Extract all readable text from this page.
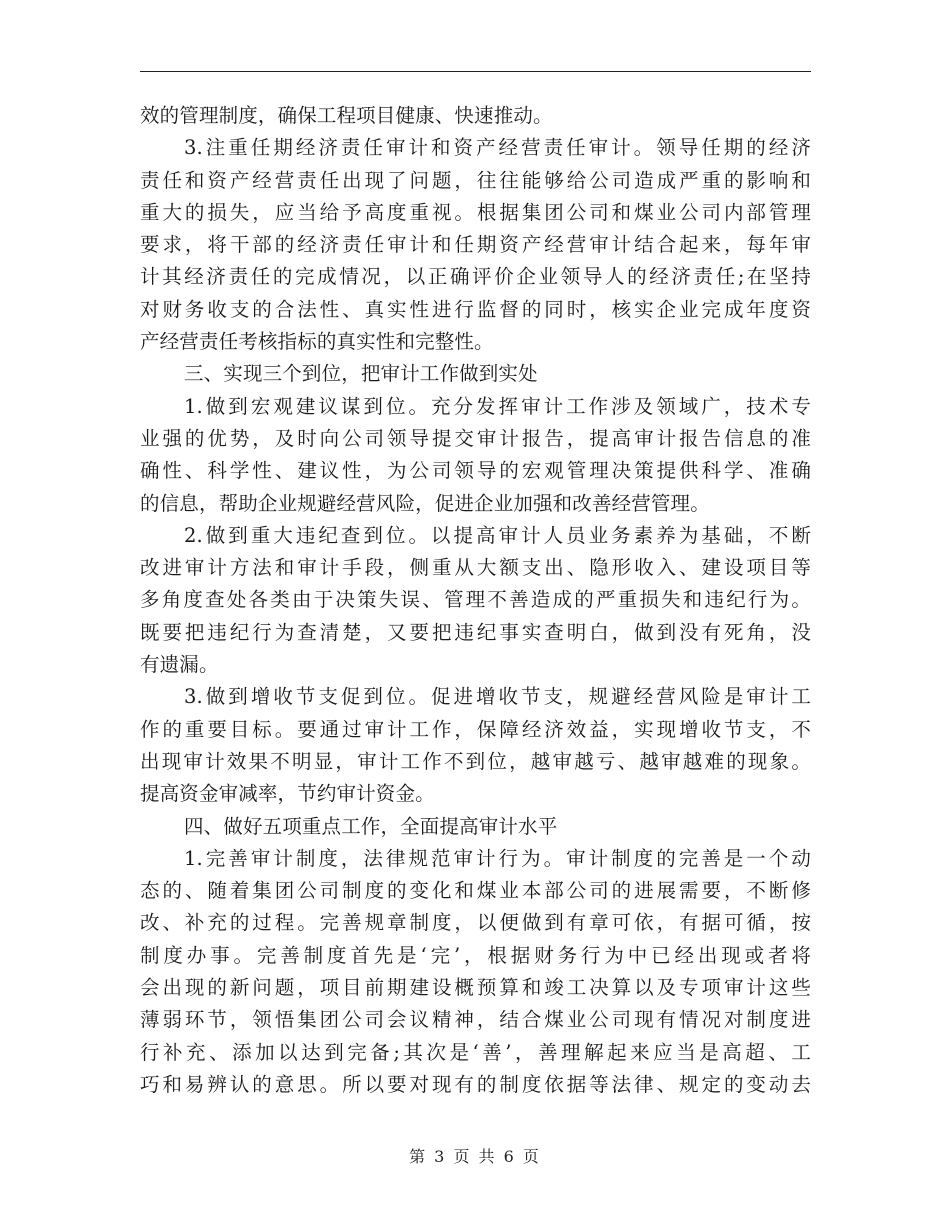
效的管理制度，确保工程项目健康、快速推动。
3.注重任期经济责任审计和资产经营责任审计。领导任期的经济
责任和资产经营责任出现了问题，往往能够给公司造成严重的影响和
重大的损失，应当给予高度重视。根据集团公司和煤业公司内部管理
要求，将干部的经济责任审计和任期资产经营审计结合起来，每年审
计其经济责任的完成情况，以正确评价企业领导人的经济责任;在坚持
对财务收支的合法性、真实性进行监督的同时，核实企业完成年度资
产经营责任考核指标的真实性和完整性。
三、实现三个到位，把审计工作做到实处
1.做到宏观建议谋到位。充分发挥审计工作涉及领域广，技术专
业强的优势，及时向公司领导提交审计报告，提高审计报告信息的准
确性、科学性、建议性，为公司领导的宏观管理决策提供科学、准确
的信息，帮助企业规避经营风险，促进企业加强和改善经营管理。
2.做到重大违纪查到位。以提高审计人员业务素养为基础，不断
改进审计方法和审计手段，侧重从大额支出、隐形收入、建设项目等
多角度查处各类由于决策失误、管理不善造成的严重损失和违纪行为。
既要把违纪行为查清楚，又要把违纪事实查明白，做到没有死角，没
有遗漏。
3.做到增收节支促到位。促进增收节支，规避经营风险是审计工
作的重要目标。要通过审计工作，保障经济效益，实现增收节支，不
出现审计效果不明显，审计工作不到位，越审越亏、越审越难的现象。
提高资金审减率，节约审计资金。
四、做好五项重点工作，全面提高审计水平
1.完善审计制度，法律规范审计行为。审计制度的完善是一个动
态的、随着集团公司制度的变化和煤业本部公司的进展需要，不断修
改、补充的过程。完善规章制度，以便做到有章可依，有据可循，按
制度办事。完善制度首先是‘完’，根据财务行为中已经出现或者将
会出现的新问题，项目前期建设概预算和竣工决算以及专项审计这些
薄弱环节，领悟集团公司会议精神，结合煤业公司现有情况对制度进
行补充、添加以达到完备;其次是‘善’，善理解起来应当是高超、工
巧和易辨认的意思。所以要对现有的制度依据等法律、规定的变动去
第 3 页 共 6 页
